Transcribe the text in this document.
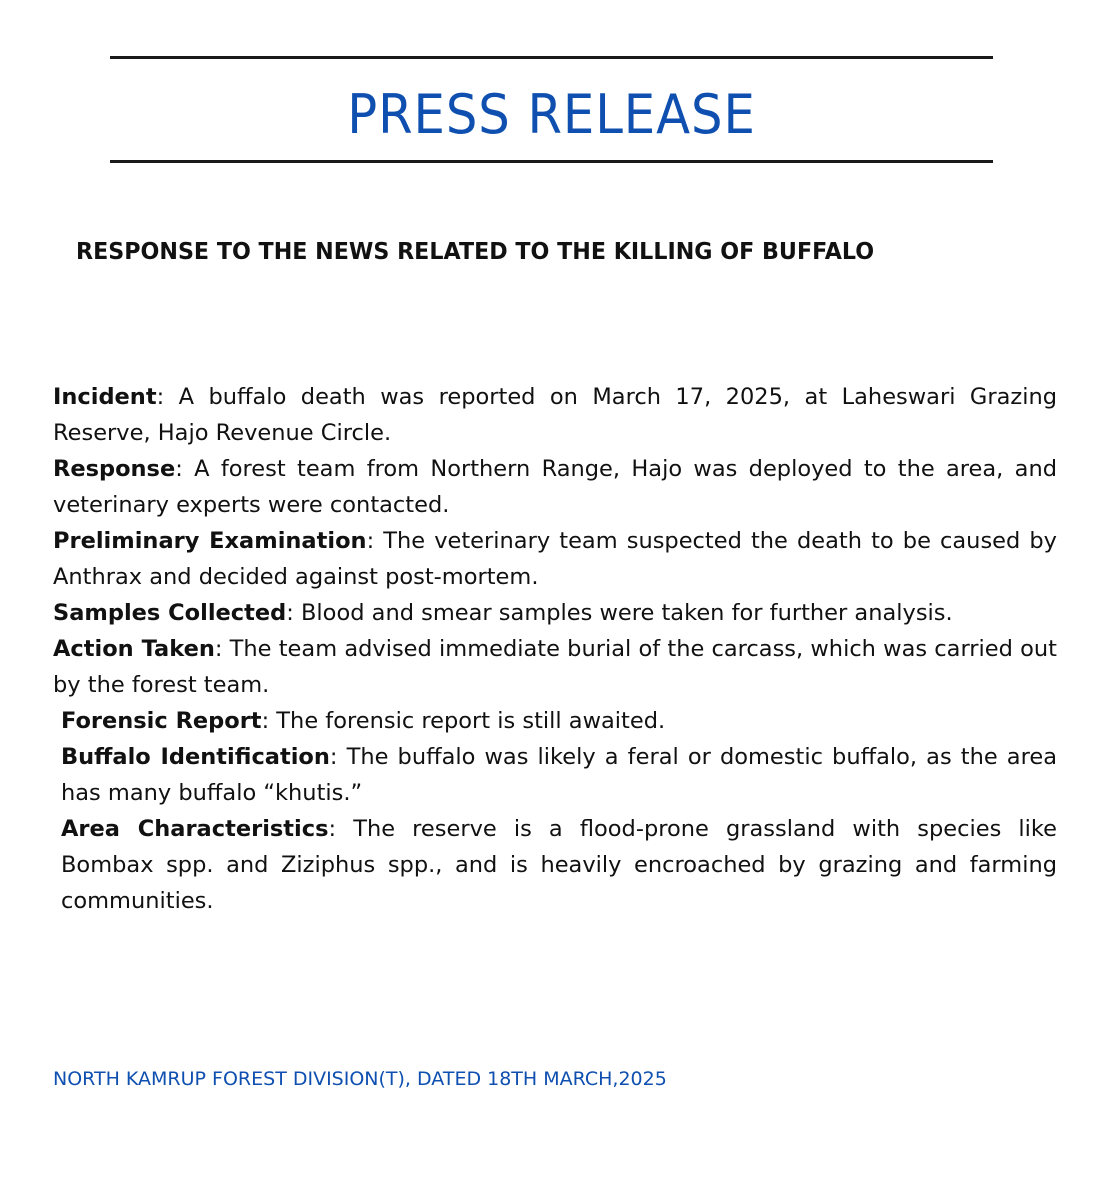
PRESS RELEASE
RESPONSE TO THE NEWS RELATED TO THE KILLING OF BUFFALO

Incident: A buffalo death was reported on March 17, 2025, at Laheswari Grazing Reserve, Hajo Revenue Circle.

Response: A forest team from Northern Range, Hajo was deployed to the area, and veterinary experts were contacted.

Preliminary Examination: The veterinary team suspected the death to be caused by Anthrax and decided against post-mortem.

Samples Collected: Blood and smear samples were taken for further analysis.

Action Taken: The team advised immediate burial of the carcass, which was carried out by the forest team.

Forensic Report: The forensic report is still awaited.

Buffalo Identification: The buffalo was likely a feral or domestic buffalo, as the area has many buffalo “khutis.”

Area Characteristics: The reserve is a flood-prone grassland with species like Bombax spp. and Ziziphus spp., and is heavily encroached by grazing and farming communities.

NORTH KAMRUP FOREST DIVISION(T), DATED 18TH MARCH,2025
